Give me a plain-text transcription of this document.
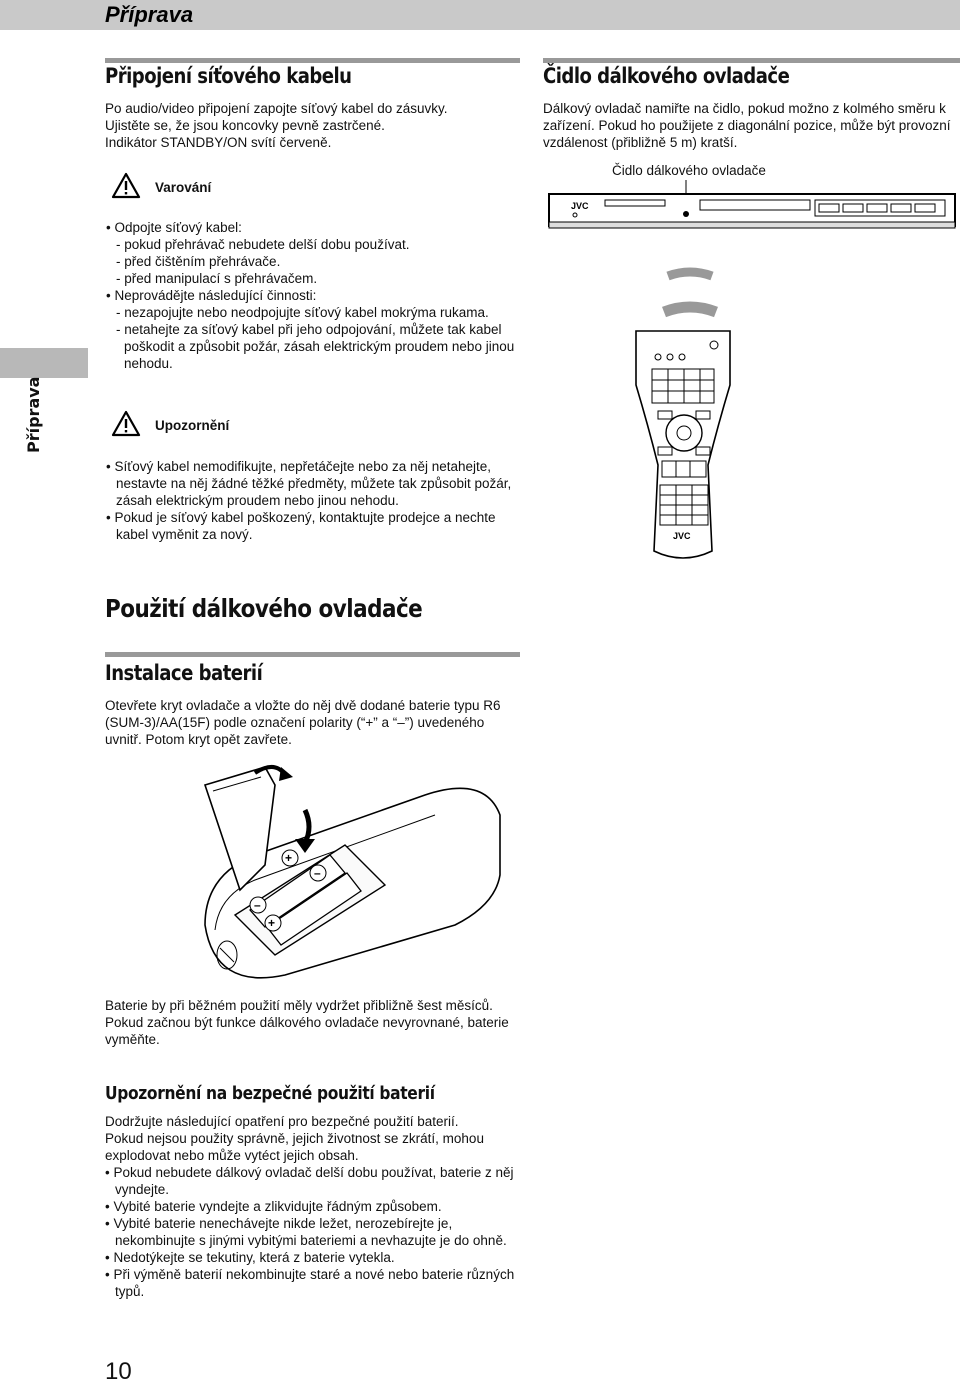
Příprava
Příprava
Připojení síťového kabelu

Po audio/video připojení zapojte síťový kabel do zásuvky.

Ujistěte se, že jsou koncovky pevně zastrčené.

Indikátor STANDBY/ON svítí červeně.

Varování

• Odpojte síťový kabel:

- pokud přehrávač nebudete delší dobu používat.

- před čištěním přehrávače.

- před manipulací s přehrávačem.

• Neprovádějte následující činnosti:

- nezapojujte nebo neodpojujte síťový kabel mokrýma rukama.

- netahejte za síťový kabel při jeho odpojování, můžete tak kabel poškodit a způsobit požár, zásah elektrickým proudem nebo jinou nehodu.

Upozornění

• Síťový kabel nemodifikujte, nepřetáčejte nebo za něj netahejte, nestavte na něj žádné těžké předměty, můžete tak způsobit požár, zásah elektrickým proudem nebo jinou nehodu.

• Pokud je síťový kabel poškozený, kontaktujte prodejce a nechte kabel vyměnit za nový.

Čidlo dálkového ovladače
Dálkový ovladač namiřte na čidlo, pokud možno z kolmého směru k zařízení. Pokud ho použijete z diagonální pozice, může být provozní vzdálenost (přibližně 5 m) kratší.
Čidlo dálkového ovladače
JVC
JVC
Použití dálkového ovladače
Instalace baterií
Otevřete kryt ovladače a vložte do něj dvě dodané baterie typu R6 (SUM-3)/AA(15F) podle označení polarity (“+” a “–”) uvedeného uvnitř. Potom kryt opět zavřete.
+
–
–
+

Baterie by při běžném použití měly vydržet přibližně šest měsíců.

Pokud začnou být funkce dálkového ovladače nevyrovnané, baterie vyměňte.

Upozornění na bezpečné použití baterií

Dodržujte následující opatření pro bezpečné použití baterií.

Pokud nejsou použity správně, jejich životnost se zkrátí, mohou explodovat nebo může vytéct jejich obsah.

• Pokud nebudete dálkový ovladač delší dobu používat, baterie z něj vyndejte.

• Vybité baterie vyndejte a zlikvidujte řádným způsobem.

• Vybité baterie nenechávejte nikde ležet, nerozebírejte je, nekombinujte s jinými vybitými bateriemi a nevhazujte je do ohně.

• Nedotýkejte se tekutiny, která z baterie vytekla.

• Při výměně baterií nekombinujte staré a nové nebo baterie různých typů.

10
